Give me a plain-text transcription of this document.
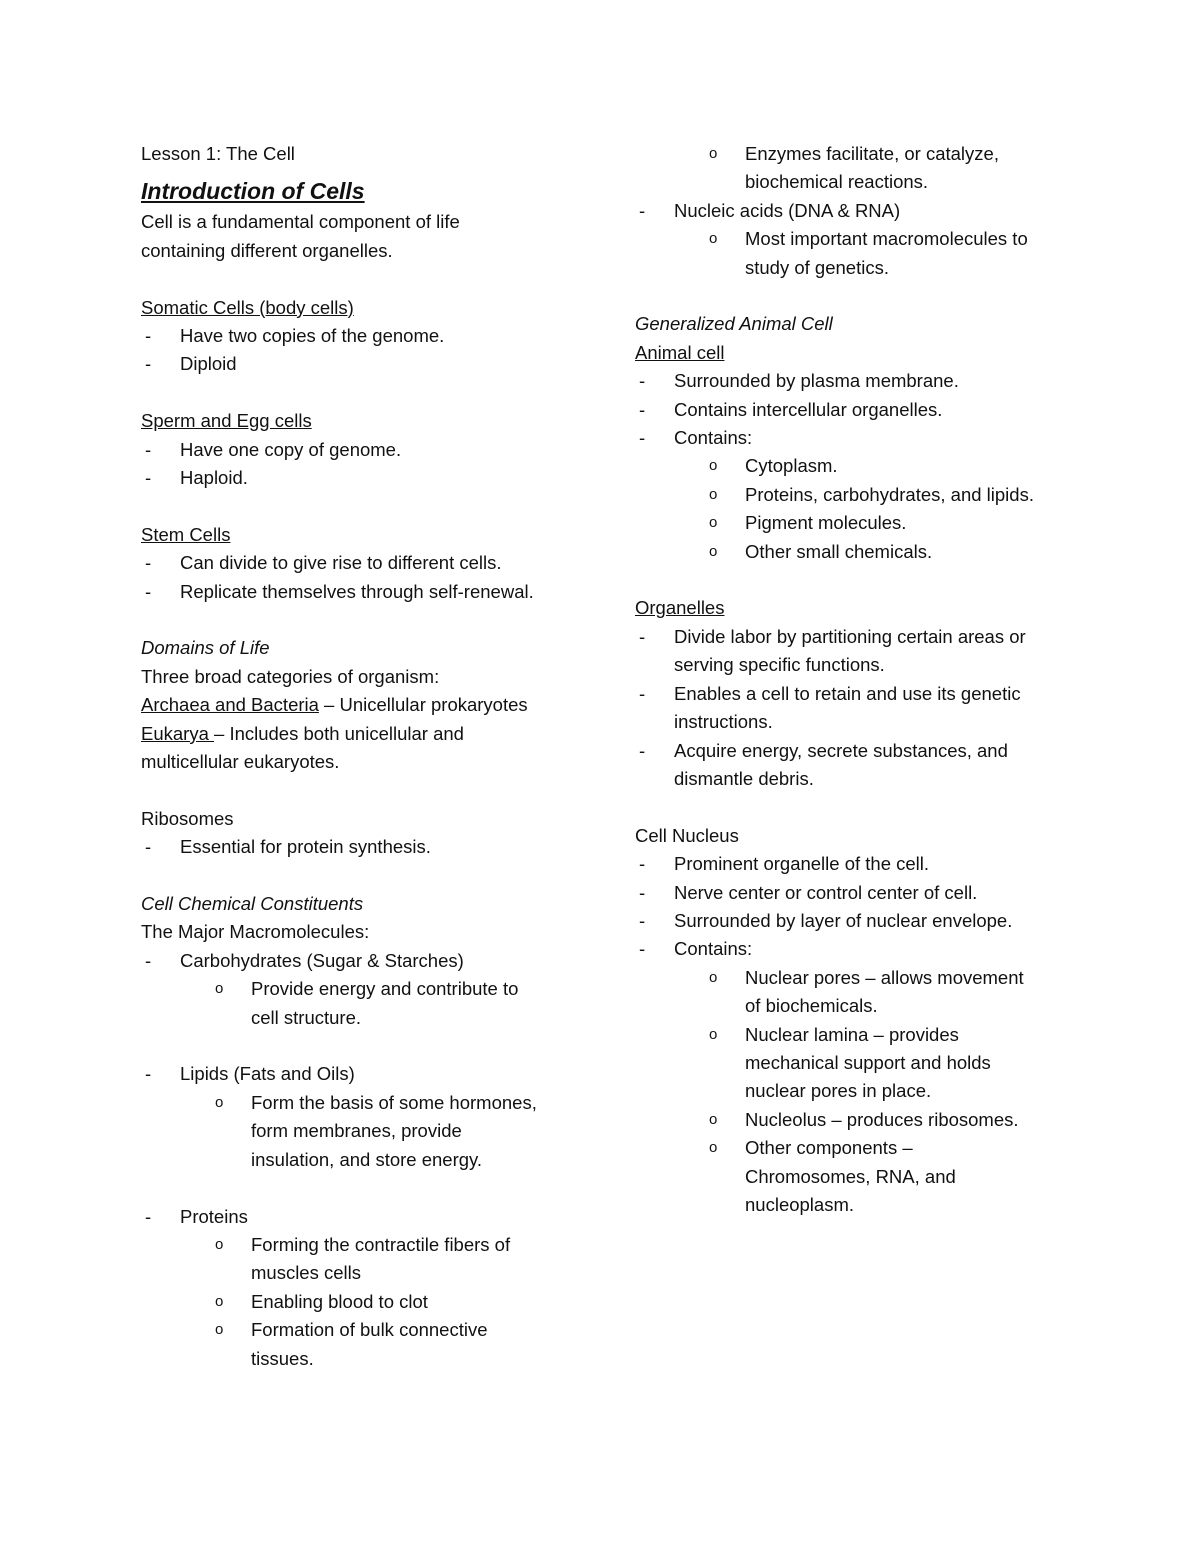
Lesson 1: The Cell
Introduction of Cells
Cell is a fundamental component of life
containing different organelles.
Somatic Cells (body cells)
- Have two copies of the genome.
- Diploid
Sperm and Egg cells
- Have one copy of genome.
- Haploid.
Stem Cells
- Can divide to give rise to different cells.
- Replicate themselves through self-renewal.
Domains of Life
Three broad categories of organism:
Archaea and Bacteria – Unicellular prokaryotes
Eukarya – Includes both unicellular and
multicellular eukaryotes.
Ribosomes
- Essential for protein synthesis.
Cell Chemical Constituents
The Major Macromolecules:
- Carbohydrates (Sugar & Starches)
o Provide energy and contribute to
cell structure.
- Lipids (Fats and Oils)
o Form the basis of some hormones,
form membranes, provide
insulation, and store energy.
- Proteins
o Forming the contractile fibers of
muscles cells
o Enabling blood to clot
o Formation of bulk connective
tissues.
o Enzymes facilitate, or catalyze,
biochemical reactions.
- Nucleic acids (DNA & RNA)
o Most important macromolecules to
study of genetics.
Generalized Animal Cell
Animal cell
- Surrounded by plasma membrane.
- Contains intercellular organelles.
- Contains:
o Cytoplasm.
o Proteins, carbohydrates, and lipids.
o Pigment molecules.
o Other small chemicals.
Organelles
- Divide labor by partitioning certain areas or
serving specific functions.
- Enables a cell to retain and use its genetic
instructions.
- Acquire energy, secrete substances, and
dismantle debris.
Cell Nucleus
- Prominent organelle of the cell.
- Nerve center or control center of cell.
- Surrounded by layer of nuclear envelope.
- Contains:
o Nuclear pores – allows movement
of biochemicals.
o Nuclear lamina – provides
mechanical support and holds
nuclear pores in place.
o Nucleolus – produces ribosomes.
o Other components –
Chromosomes, RNA, and
nucleoplasm.
